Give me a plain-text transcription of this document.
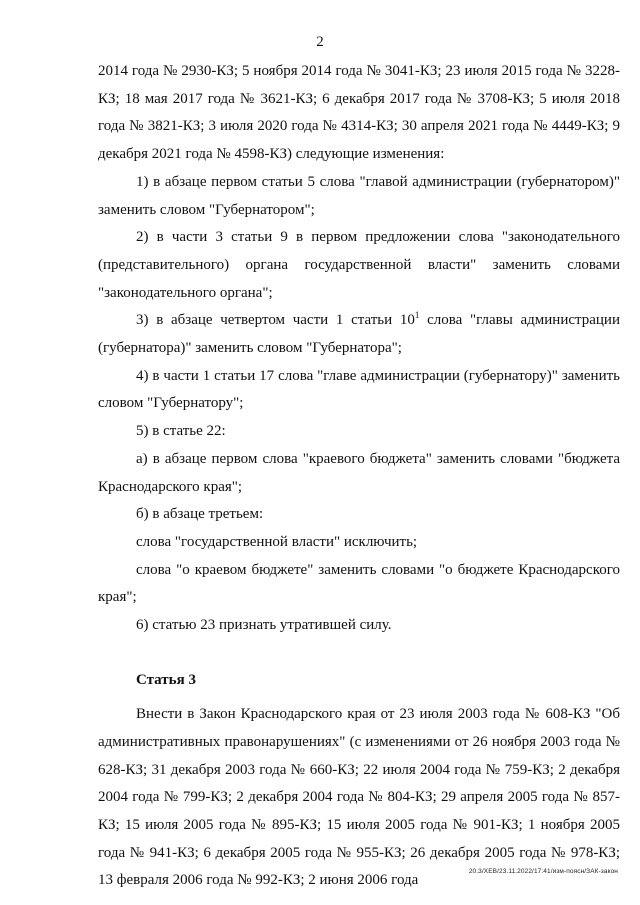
2

2014 года № 2930-КЗ; 5 ноября 2014 года № 3041-КЗ; 23 июля 2015 года № 3228-КЗ; 18 мая 2017 года № 3621-КЗ; 6 декабря 2017 года № 3708-КЗ; 5 июля 2018 года № 3821-КЗ; 3 июля 2020 года № 4314-КЗ; 30 апреля 2021 года № 4449-КЗ; 9 декабря 2021 года № 4598-КЗ) следующие изменения:

1) в абзаце первом статьи 5 слова "главой администрации (губернатором)" заменить словом "Губернатором";

2) в части 3 статьи 9 в первом предложении слова "законодательного (представительного) органа государственной власти" заменить словами "законодательного органа";

3) в абзаце четвертом части 1 статьи $10^1$ слова "главы администрации (губернатора)" заменить словом "Губернатора";

4) в части 1 статьи 17 слова "главе администрации (губернатору)" заменить словом "Губернатору";

5) в статье 22:

а) в абзаце первом слова "краевого бюджета" заменить словами "бюджета Краснодарского края";

б) в абзаце третьем:

слова "государственной власти" исключить;

слова "о краевом бюджете" заменить словами "о бюджете Краснодарского края";

6) статью 23 признать утратившей силу.

Статья 3

Внести в Закон Краснодарского края от 23 июля 2003 года № 608-КЗ "Об административных правонарушениях" (с изменениями от 26 ноября 2003 года № 628-КЗ; 31 декабря 2003 года № 660-КЗ; 22 июля 2004 года № 759-КЗ; 2 декабря 2004 года № 799-КЗ; 2 декабря 2004 года № 804-КЗ; 29 апреля 2005 года № 857-КЗ; 15 июля 2005 года № 895-КЗ; 15 июля 2005 года № 901-КЗ; 1 ноября 2005 года № 941-КЗ; 6 декабря 2005 года № 955-КЗ; 26 декабря 2005 года № 978-КЗ; 13 февраля 2006 года № 992-КЗ; 2 июня 2006 года

20.3/ХЕВ/23.11.2022/17:41/изм-поясн/ЗАК-закон
